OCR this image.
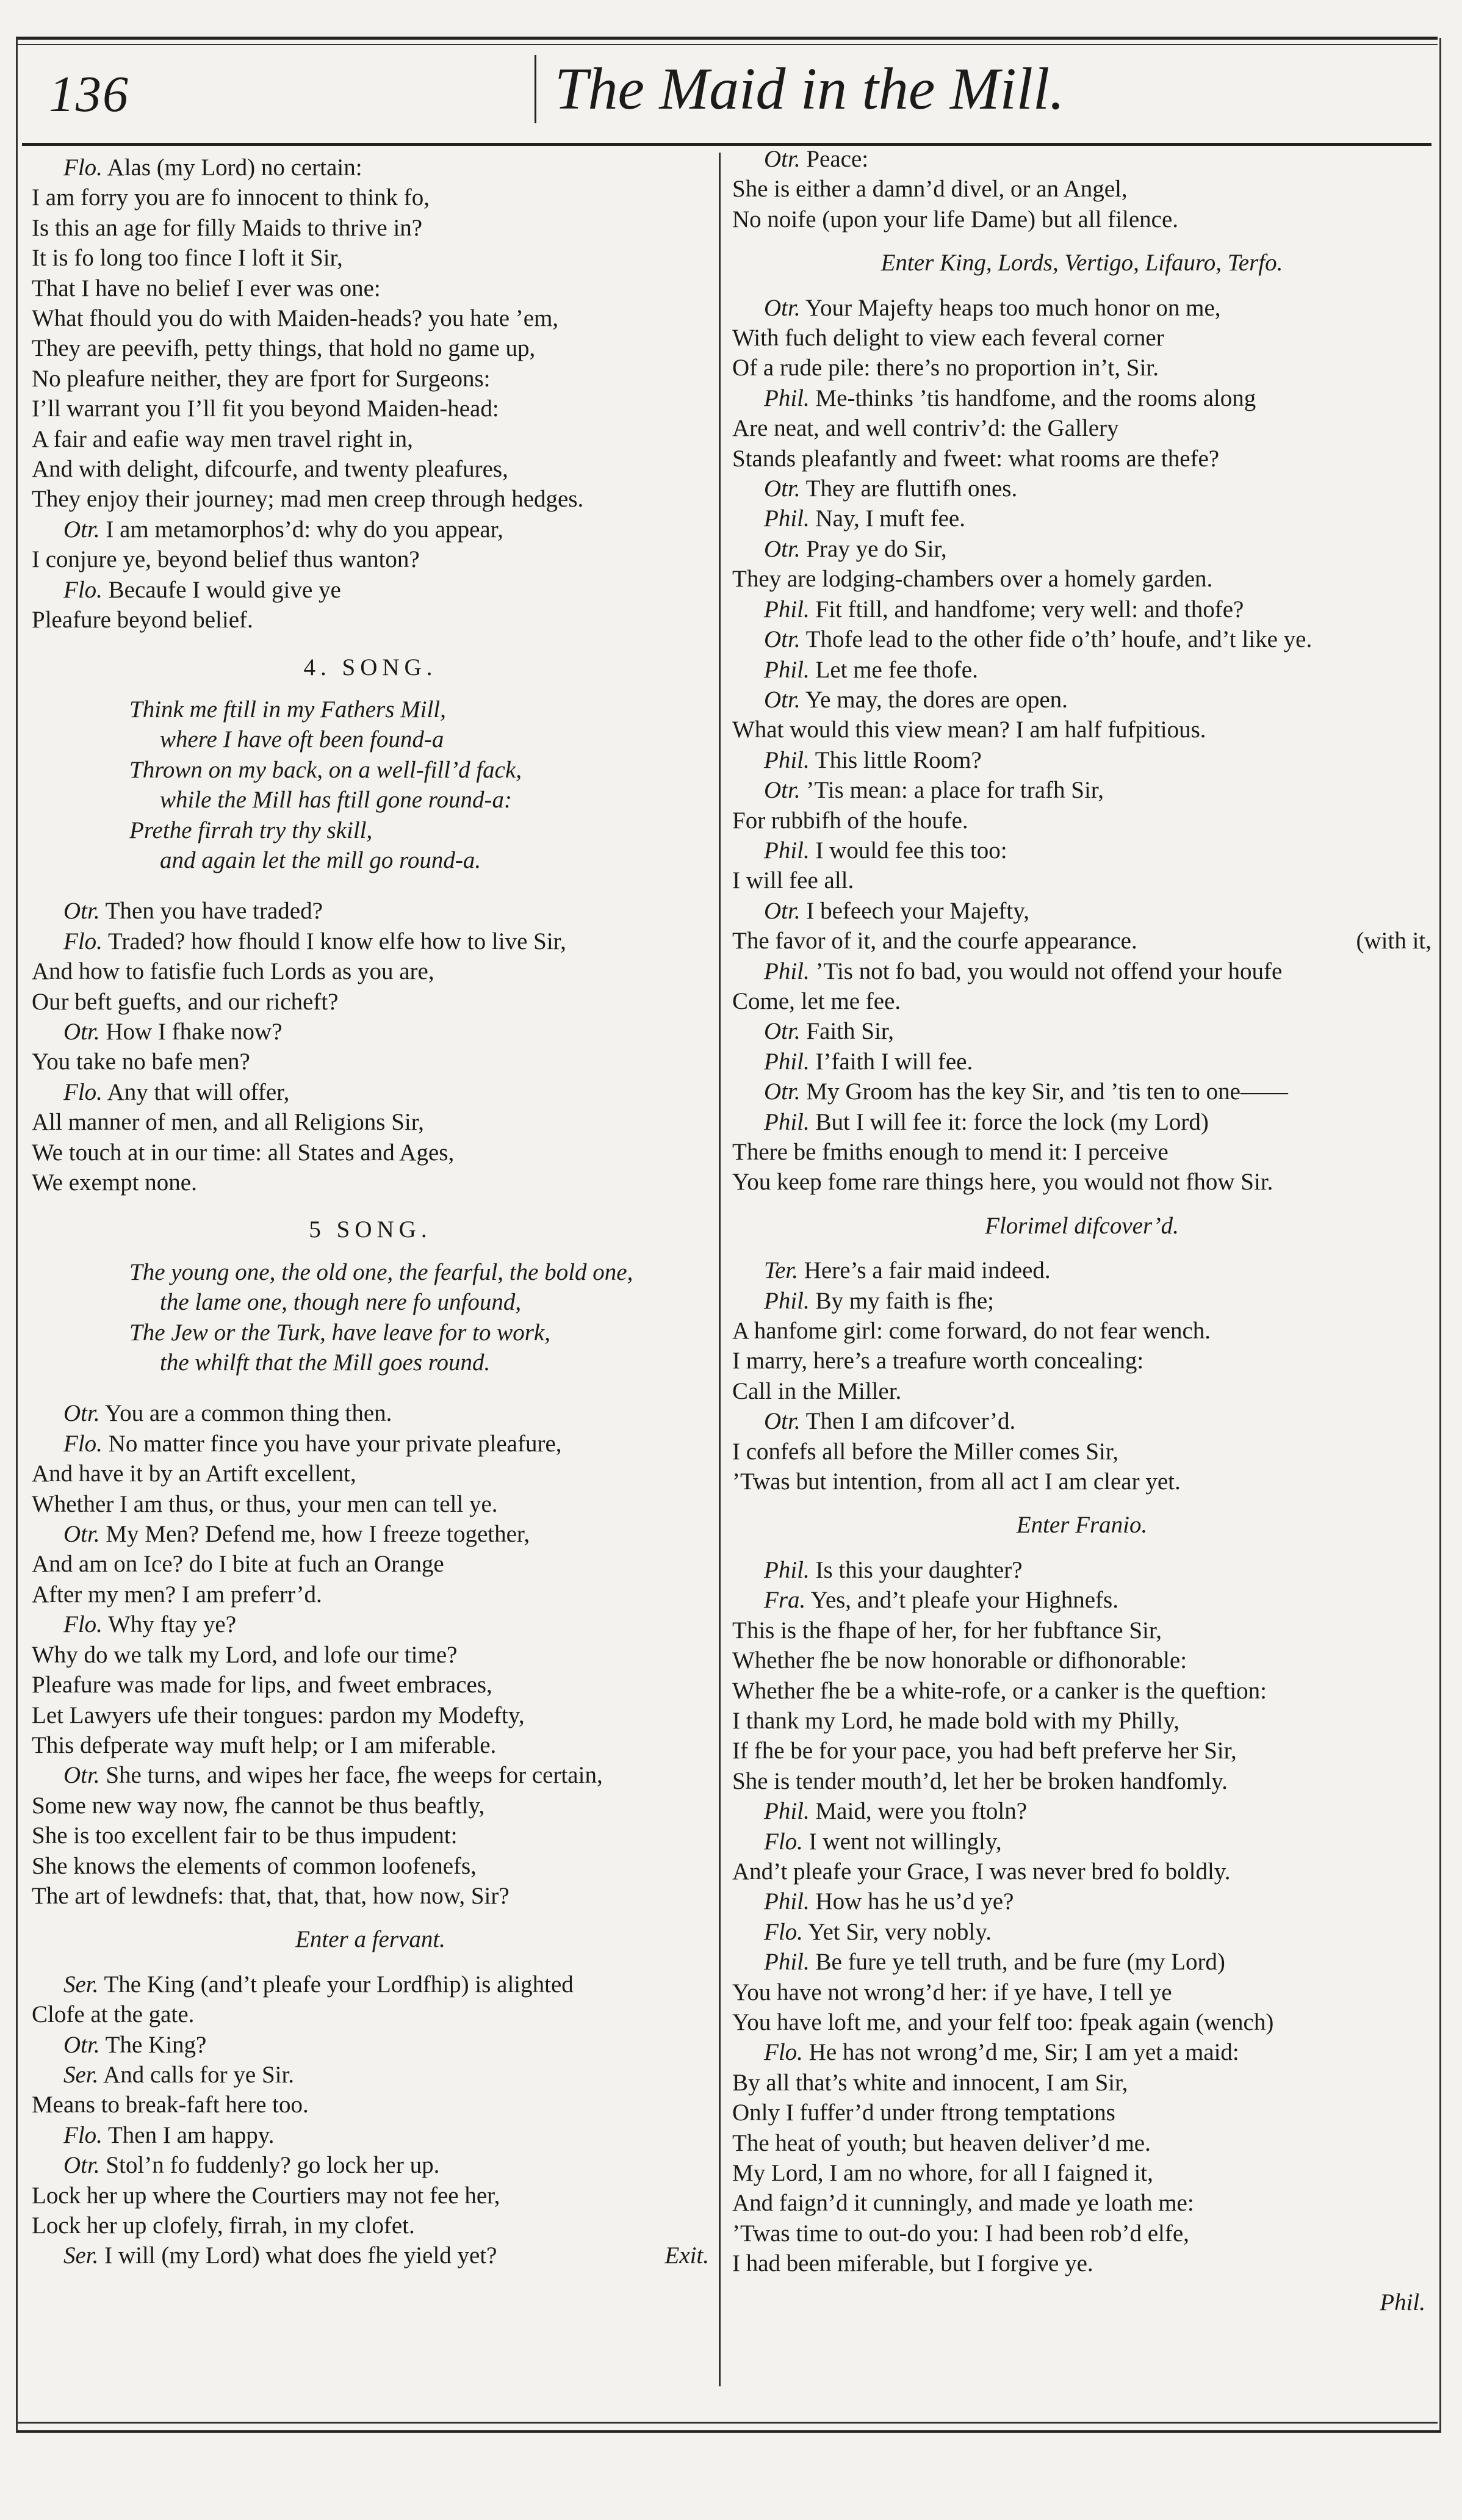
136	The Maid in the Mill.
Flo. Alas (my Lord) no certain:
I am forry you are fo innocent to think fo,
Is this an age for filly Maids to thrive in?
It is fo long too fince I loft it Sir,
That I have no belief I ever was one:
What fhould you do with Maiden-heads? you hate ’em,
They are peevifh, petty things, that hold no game up,
No pleafure neither, they are fport for Surgeons:
I’ll warrant you I’ll fit you beyond Maiden-head:
A fair and eafie way men travel right in,
And with delight, difcourfe, and twenty pleafures,
They enjoy their journey; mad men creep through hedges.
Otr. I am metamorphos’d: why do you appear,
I conjure ye, beyond belief thus wanton?
Flo. Becaufe I would give ye
Pleafure beyond belief.
4. SONG.
Think me ftill in my Fathers Mill,
where I have oft been found-a
Thrown on my back, on a well-fill’d fack,
while the Mill has ftill gone round-a:
Prethe firrah try thy skill,
and again let the mill go round-a.
Otr. Then you have traded?
Flo. Traded? how fhould I know elfe how to live Sir,
And how to fatisfie fuch Lords as you are,
Our beft guefts, and our richeft?
Otr. How I fhake now?
You take no bafe men?
Flo. Any that will offer,
All manner of men, and all Religions Sir,
We touch at in our time: all States and Ages,
We exempt none.
5 SONG.
The young one, the old one, the fearful, the bold one,
the lame one, though nere fo unfound,
The Jew or the Turk, have leave for to work,
the whilft that the Mill goes round.
Otr. You are a common thing then.
Flo. No matter fince you have your private pleafure,
And have it by an Artift excellent,
Whether I am thus, or thus, your men can tell ye.
Otr. My Men? Defend me, how I freeze together,
And am on Ice? do I bite at fuch an Orange
After my men? I am preferr’d.
Flo. Why ftay ye?
Why do we talk my Lord, and lofe our time?
Pleafure was made for lips, and fweet embraces,
Let Lawyers ufe their tongues: pardon my Modefty,
This defperate way muft help; or I am miferable.
Otr. She turns, and wipes her face, fhe weeps for certain,
Some new way now, fhe cannot be thus beaftly,
She is too excellent fair to be thus impudent:
She knows the elements of common loofenefs,
The art of lewdnefs: that, that, that, how now, Sir?
Enter a fervant.
Ser. The King (and’t pleafe your Lordfhip) is alighted
Clofe at the gate.
Otr. The King?
Ser. And calls for ye Sir.
Means to break-faft here too.
Flo. Then I am happy.
Otr. Stol’n fo fuddenly? go lock her up.
Lock her up where the Courtiers may not fee her,
Lock her up clofely, firrah, in my clofet.
Ser. I will (my Lord) what does fhe yield yet?	Exit.
Otr. Peace:
She is either a damn’d divel, or an Angel,
No noife (upon your life Dame) but all filence.
Enter King, Lords, Vertigo, Lifauro, Terfo.
Otr. Your Majefty heaps too much honor on me,
With fuch delight to view each feveral corner
Of a rude pile: there’s no proportion in’t, Sir.
Phil. Me-thinks ’tis handfome, and the rooms along
Are neat, and well contriv’d: the Gallery
Stands pleafantly and fweet: what rooms are thefe?
Otr. They are fluttifh ones.
Phil. Nay, I muft fee.
Otr. Pray ye do Sir,
They are lodging-chambers over a homely garden.
Phil. Fit ftill, and handfome; very well: and thofe?
Otr. Thofe lead to the other fide o’th’ houfe, and’t like ye.
Phil. Let me fee thofe.
Otr. Ye may, the dores are open.
What would this view mean? I am half fufpitious.
Phil. This little Room?
Otr. ’Tis mean: a place for trafh Sir,
For rubbifh of the houfe.
Phil. I would fee this too:
I will fee all.
Otr. I befeech your Majefty,
The favor of it, and the courfe appearance.	(with it,
Phil. ’Tis not fo bad, you would not offend your houfe
Come, let me fee.
Otr. Faith Sir,
Phil. I’faith I will fee.
Otr. My Groom has the key Sir, and ’tis ten to one——
Phil. But I will fee it: force the lock (my Lord)
There be fmiths enough to mend it: I perceive
You keep fome rare things here, you would not fhow Sir.
Florimel difcover’d.
Ter. Here’s a fair maid indeed.
Phil. By my faith is fhe;
A hanfome girl: come forward, do not fear wench.
I marry, here’s a treafure worth concealing:
Call in the Miller.
Otr. Then I am difcover’d.
I confefs all before the Miller comes Sir,
’Twas but intention, from all act I am clear yet.
Enter Franio.
Phil. Is this your daughter?
Fra. Yes, and’t pleafe your Highnefs.
This is the fhape of her, for her fubftance Sir,
Whether fhe be now honorable or difhonorable:
Whether fhe be a white-rofe, or a canker is the queftion:
I thank my Lord, he made bold with my Philly,
If fhe be for your pace, you had beft preferve her Sir,
She is tender mouth’d, let her be broken handfomly.
Phil. Maid, were you ftoln?
Flo. I went not willingly,
And’t pleafe your Grace, I was never bred fo boldly.
Phil. How has he us’d ye?
Flo. Yet Sir, very nobly.
Phil. Be fure ye tell truth, and be fure (my Lord)
You have not wrong’d her: if ye have, I tell ye
You have loft me, and your felf too: fpeak again (wench)
Flo. He has not wrong’d me, Sir; I am yet a maid:
By all that’s white and innocent, I am Sir,
Only I fuffer’d under ftrong temptations
The heat of youth; but heaven deliver’d me.
My Lord, I am no whore, for all I faigned it,
And faign’d it cunningly, and made ye loath me:
’Twas time to out-do you: I had been rob’d elfe,
I had been miferable, but I forgive ye.
Phil.
